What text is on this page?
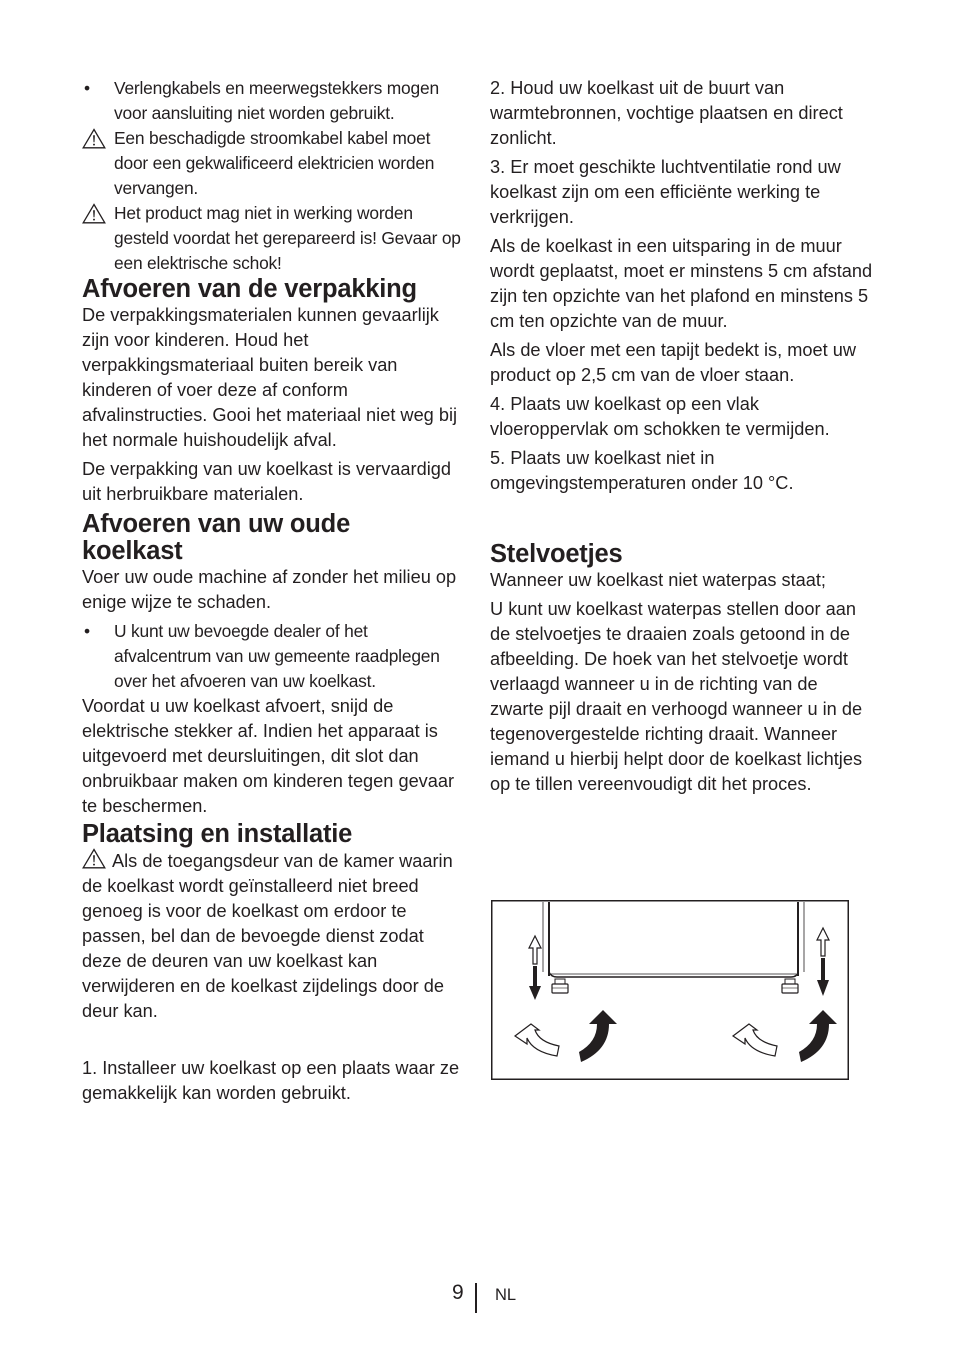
• Verlengkabels en meerwegstekkers mogen voor aansluiting niet worden gebruikt.
Een beschadigde stroomkabel kabel moet door een gekwalificeerd elektricien worden vervangen.
Het product mag niet in werking worden gesteld voordat het gerepareerd is! Gevaar op een elektrische schok!
Afvoeren van de verpakking

De verpakkingsmaterialen kunnen gevaarlijk zijn voor kinderen. Houd het verpakkingsmateriaal buiten bereik van kinderen of voer deze af conform afvalinstructies. Gooi het materiaal niet weg bij het normale huishoudelijk afval.

De verpakking van uw koelkast is vervaardigd uit herbruikbare materialen.

Afvoeren van uw oude
koelkast

Voer uw oude machine af zonder het milieu op enige wijze te schaden.

• U kunt uw bevoegde dealer of het afvalcentrum van uw gemeente raadplegen over het afvoeren van uw koelkast.

Voordat u uw koelkast afvoert, snijd de elektrische stekker af. Indien het apparaat is uitgevoerd met deursluitingen, dit slot dan onbruikbaar maken om kinderen tegen gevaar te beschermen.

Plaatsing en installatie

Als de toegangsdeur van de kamer waarin de koelkast wordt geïnstalleerd niet breed genoeg is voor de koelkast om erdoor te passen, bel dan de bevoegde dienst zodat deze de deuren van uw koelkast kan verwijderen en de koelkast zijdelings door de deur kan.

1. Installeer uw koelkast op een plaats waar ze gemakkelijk kan worden gebruikt.

2. Houd uw koelkast uit de buurt van warmtebronnen, vochtige plaatsen en direct zonlicht.

3. Er moet geschikte luchtventilatie rond uw koelkast zijn om een efficiënte werking te verkrijgen.

Als de koelkast in een uitsparing in de muur wordt geplaatst, moet er minstens 5 cm afstand zijn ten opzichte van het plafond en minstens 5 cm ten opzichte van de muur.

Als de vloer met een tapijt bedekt is, moet uw product op 2,5 cm van de vloer staan.

4. Plaats uw koelkast op een vlak vloeroppervlak om schokken te vermijden.

5. Plaats uw koelkast niet in omgevingstemperaturen onder 10 °C.

Stelvoetjes

Wanneer uw koelkast niet waterpas staat;

U kunt uw koelkast waterpas stellen door aan de stelvoetjes te draaien zoals getoond in de afbeelding. De hoek van het stelvoetje wordt verlaagd wanneer u in de richting van de zwarte pijl draait en verhoogd wanneer u in de tegenovergestelde richting draait. Wanneer iemand u hierbij helpt door de koelkast lichtjes op te tillen vereenvoudigt dit het proces.

9 NL
